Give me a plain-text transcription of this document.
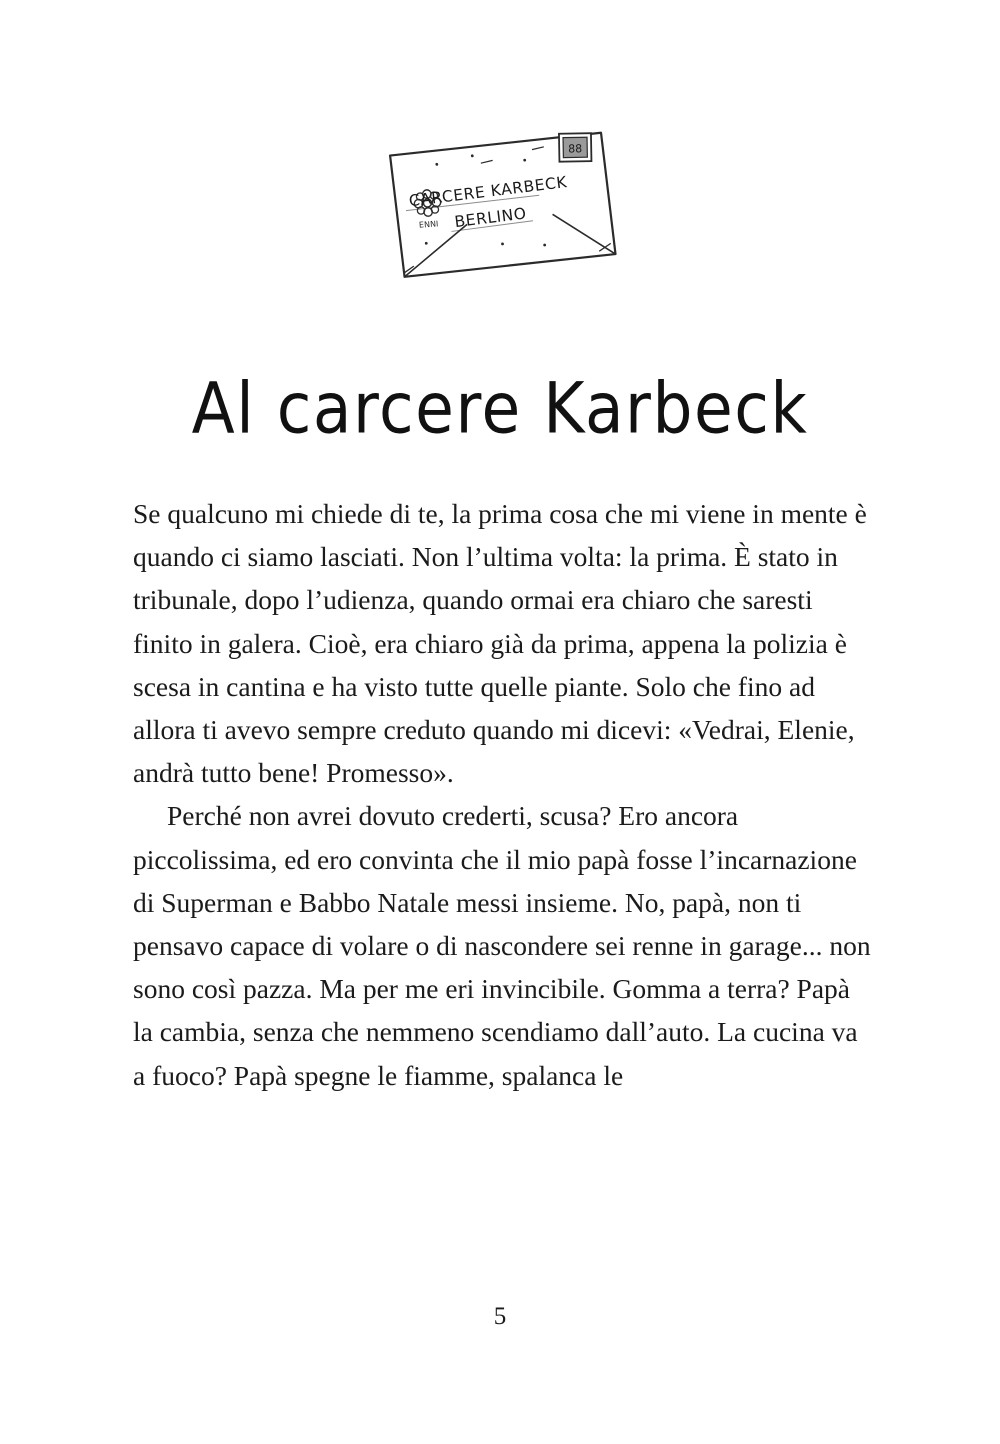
88
ENNI
CARCERE KARBECK
BERLINO
Al carcere Karbeck

Se qualcuno mi chiede di te, la prima cosa che mi viene in mente è quando ci siamo lasciati. Non l’ultima volta: la prima. È stato in tribunale, dopo l’udienza, quando ormai era chiaro che saresti finito in galera. Cioè, era chiaro già da prima, appena la polizia è scesa in cantina e ha visto tutte quelle piante. Solo che fino ad allora ti avevo sempre creduto quando mi dicevi: «Vedrai, Elenie, andrà tutto bene! Promesso».

Perché non avrei dovuto crederti, scusa? Ero ancora piccolissima, ed ero convinta che il mio papà fosse l’incarnazione di Superman e Babbo Natale messi insieme. No, papà, non ti pensavo capace di volare o di nascondere sei renne in garage... non sono così pazza. Ma per me eri invincibile. Gomma a terra? Papà la cambia, senza che nemmeno scendiamo dall’auto. La cucina va a fuoco? Papà spegne le fiamme, spalanca le

5
